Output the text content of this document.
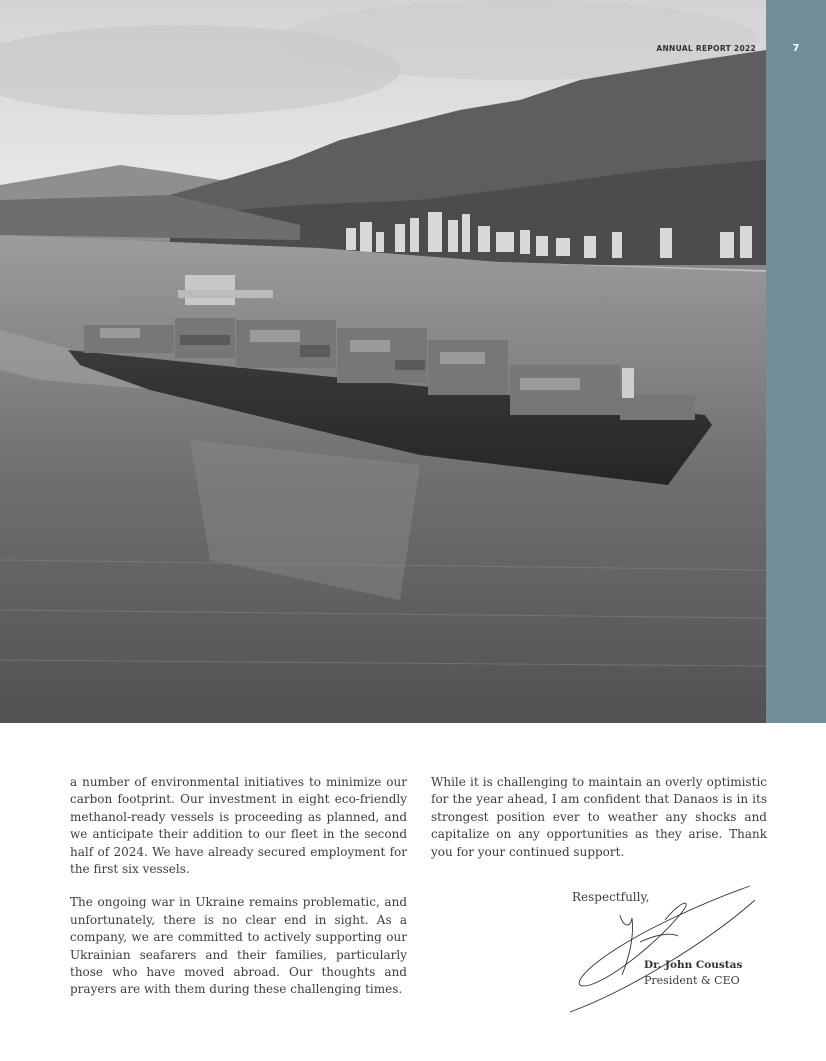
7
ANNUAL REPORT 2022

a number of environmental initiatives to minimize our carbon footprint. Our investment in eight eco-friendly methanol-ready vessels is proceeding as planned, and we anticipate their addition to our fleet in the second half of 2024. We have already secured employment for the first six vessels.

The ongoing war in Ukraine remains problematic, and unfortunately, there is no clear end in sight. As a company, we are committed to actively supporting our Ukrainian seafarers and their families, particularly those who have moved abroad. Our thoughts and prayers are with them during these challenging times.

While it is challenging to maintain an overly optimistic for the year ahead, I am confident that Danaos is in its strongest position ever to weather any shocks and capitalize on any opportunities as they arise. Thank you for your continued support.

Respectfully,
Dr. John Coustas
President & CEO
